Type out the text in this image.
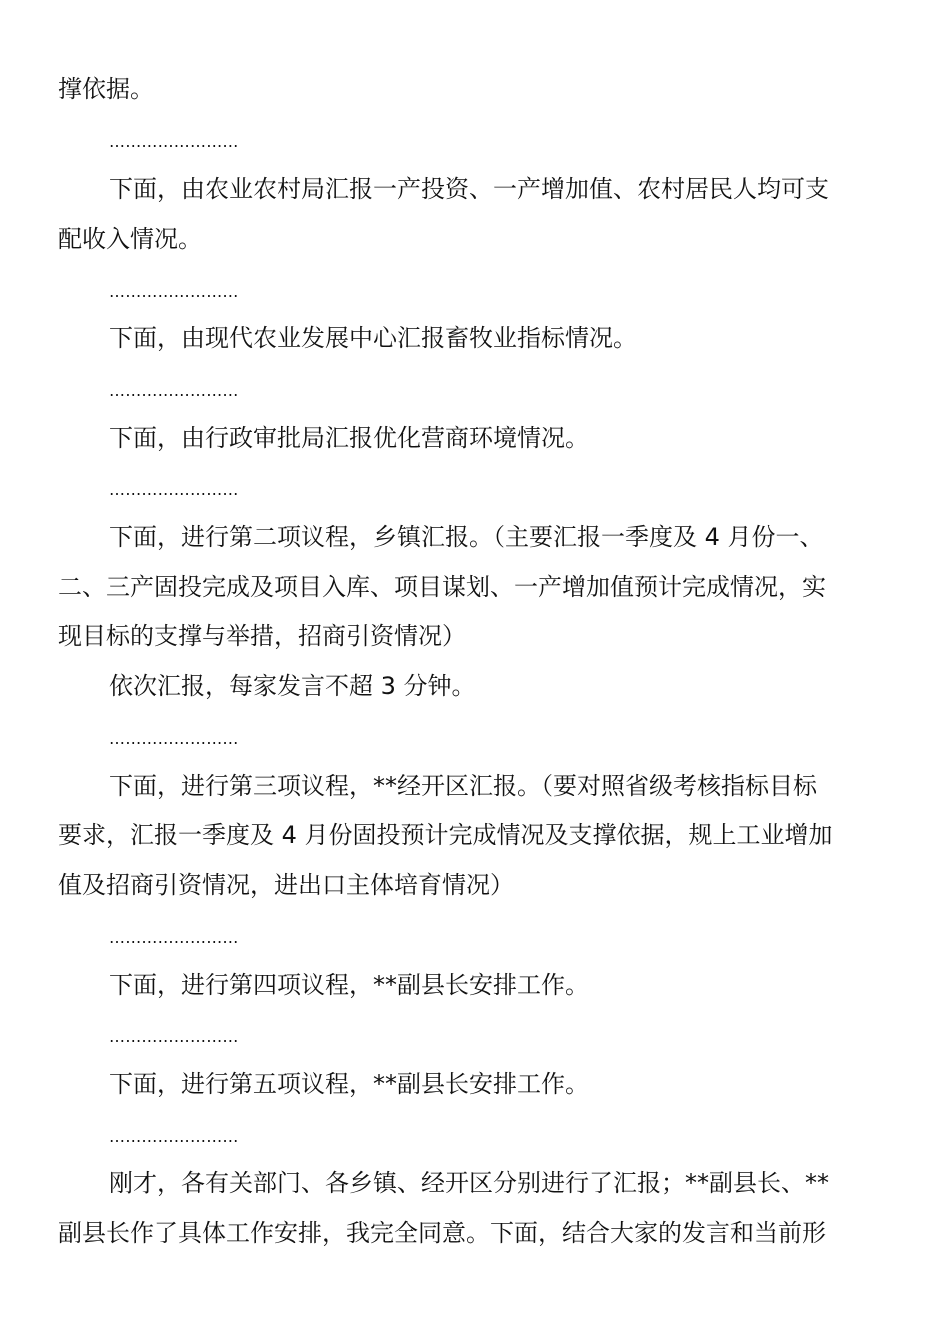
撑依据。
……………………
下面，由农业农村局汇报一产投资、一产增加值、农村居民人均可支
配收入情况。
……………………
下面，由现代农业发展中心汇报畜牧业指标情况。
……………………
下面，由行政审批局汇报优化营商环境情况。
……………………
下面，进行第二项议程，乡镇汇报。（主要汇报一季度及 4 月份一、
二、三产固投完成及项目入库、项目谋划、一产增加值预计完成情况，实
现目标的支撑与举措，招商引资情况）
依次汇报，每家发言不超 3 分钟。
……………………
下面，进行第三项议程，**经开区汇报。（要对照省级考核指标目标
要求，汇报一季度及 4 月份固投预计完成情况及支撑依据，规上工业增加
值及招商引资情况，进出口主体培育情况）
……………………
下面，进行第四项议程，**副县长安排工作。
……………………
下面，进行第五项议程，**副县长安排工作。
……………………
刚才，各有关部门、各乡镇、经开区分别进行了汇报；**副县长、**
副县长作了具体工作安排，我完全同意。下面，结合大家的发言和当前形
